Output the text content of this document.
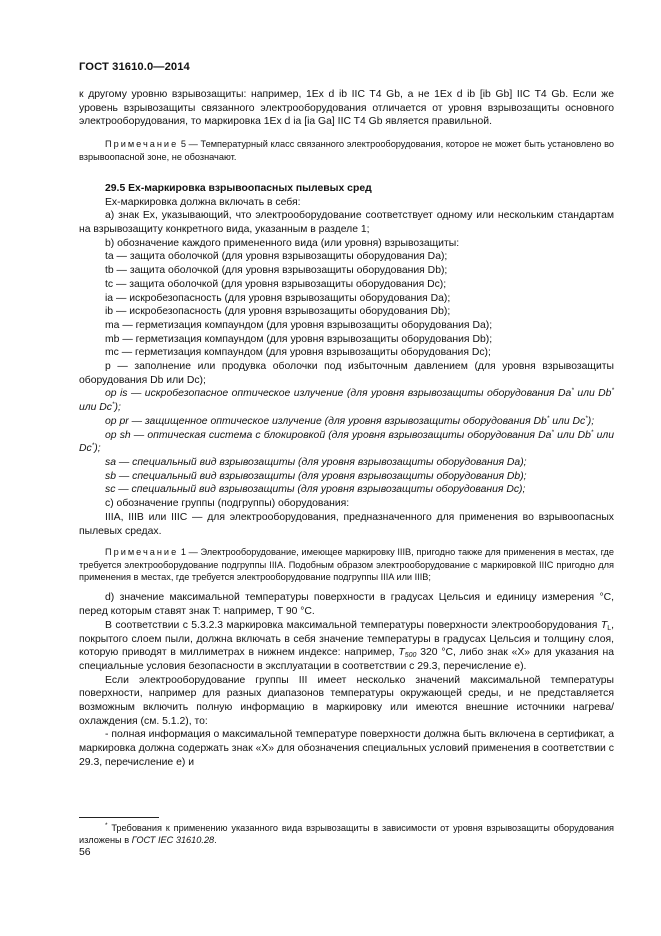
ГОСТ 31610.0—2014

к другому уровню взрывозащиты: например, 1Ex d ib IIC T4 Gb, а не 1Ex d ib [ib Gb] IIC T4 Gb. Если же уровень взрывозащиты связанного электрооборудования отличается от уровня взрывозащиты основного электрооборудования, то маркировка 1Ex d ia [ia Ga] IIC T4 Gb является правильной.

Примечание 5 — Температурный класс связанного электрооборудования, которое не может быть установлено во взрывоопасной зоне, не обозначают.

29.5 Ex-маркировка взрывоопасных пылевых сред

Ex-маркировка должна включать в себя:

а) знак Ex, указывающий, что электрооборудование соответствует одному или нескольким стандартам на взрывозащиту конкретного вида, указанным в разделе 1;

b) обозначение каждого примененного вида (или уровня) взрывозащиты:

ta — защита оболочкой (для уровня взрывозащиты оборудования Da);

tb — защита оболочкой (для уровня взрывозащиты оборудования Db);

tc — защита оболочкой (для уровня взрывозащиты оборудования Dc);

ia — искробезопасность (для уровня взрывозащиты оборудования Da);

ib — искробезопасность (для уровня взрывозащиты оборудования Db);

ma — герметизация компаундом (для уровня взрывозащиты оборудования Da);

mb — герметизация компаундом (для уровня взрывозащиты оборудования Db);

mc — герметизация компаундом (для уровня взрывозащиты оборудования Dc);

p — заполнение или продувка оболочки под избыточным давлением (для уровня взрывозащиты оборудования Db или Dc);

op is — искробезопасное оптическое излучение (для уровня взрывозащиты оборудования Da* или Db* или Dc*);

op pr — защищенное оптическое излучение (для уровня взрывозащиты оборудования Db* или Dc*);

op sh — оптическая система с блокировкой (для уровня взрывозащиты оборудования Da* или Db* или Dc*);

sa — специальный вид взрывозащиты (для уровня взрывозащиты оборудования Da);

sb — специальный вид взрывозащиты (для уровня взрывозащиты оборудования Db);

sc — специальный вид взрывозащиты (для уровня взрывозащиты оборудования Dc);

с) обозначение группы (подгруппы) оборудования:

IIIA, IIIB или IIIC — для электрооборудования, предназначенного для применения во взрывоопасных пылевых средах.

Примечание 1 — Электрооборудование, имеющее маркировку IIIB, пригодно также для применения в местах, где требуется электрооборудование подгруппы IIIA. Подобным образом электрооборудование с маркировкой IIIC пригодно для применения в местах, где требуется электрооборудование подгруппы IIIA или IIIB;

d) значение максимальной температуры поверхности в градусах Цельсия и единицу измерения °С, перед которым ставят знак T: например, T 90 °C.

В соответствии с 5.3.2.3 маркировка максимальной температуры поверхности электрооборудования $T_L$, покрытого слоем пыли, должна включать в себя значение температуры в градусах Цельсия и толщину слоя, которую приводят в миллиметрах в нижнем индексе: например, $T_{500}$ 320 °C, либо знак «X» для указания на специальные условия безопасности в эксплуатации в соответствии с 29.3, перечисление е).

Если электрооборудование группы III имеет несколько значений максимальной температуры поверхности, например для разных диапазонов температуры окружающей среды, и не представляется возможным включить полную информацию в маркировку или имеются внешние источники нагрева/охлаждения (см. 5.1.2), то:

- полная информация о максимальной температуре поверхности должна быть включена в сертификат, а маркировка должна содержать знак «X» для обозначения специальных условий применения в соответствии с 29.3, перечисление е) и

* Требования к применению указанного вида взрывозащиты в зависимости от уровня взрывозащиты оборудования изложены в ГОСТ IEC 31610.28.

56
